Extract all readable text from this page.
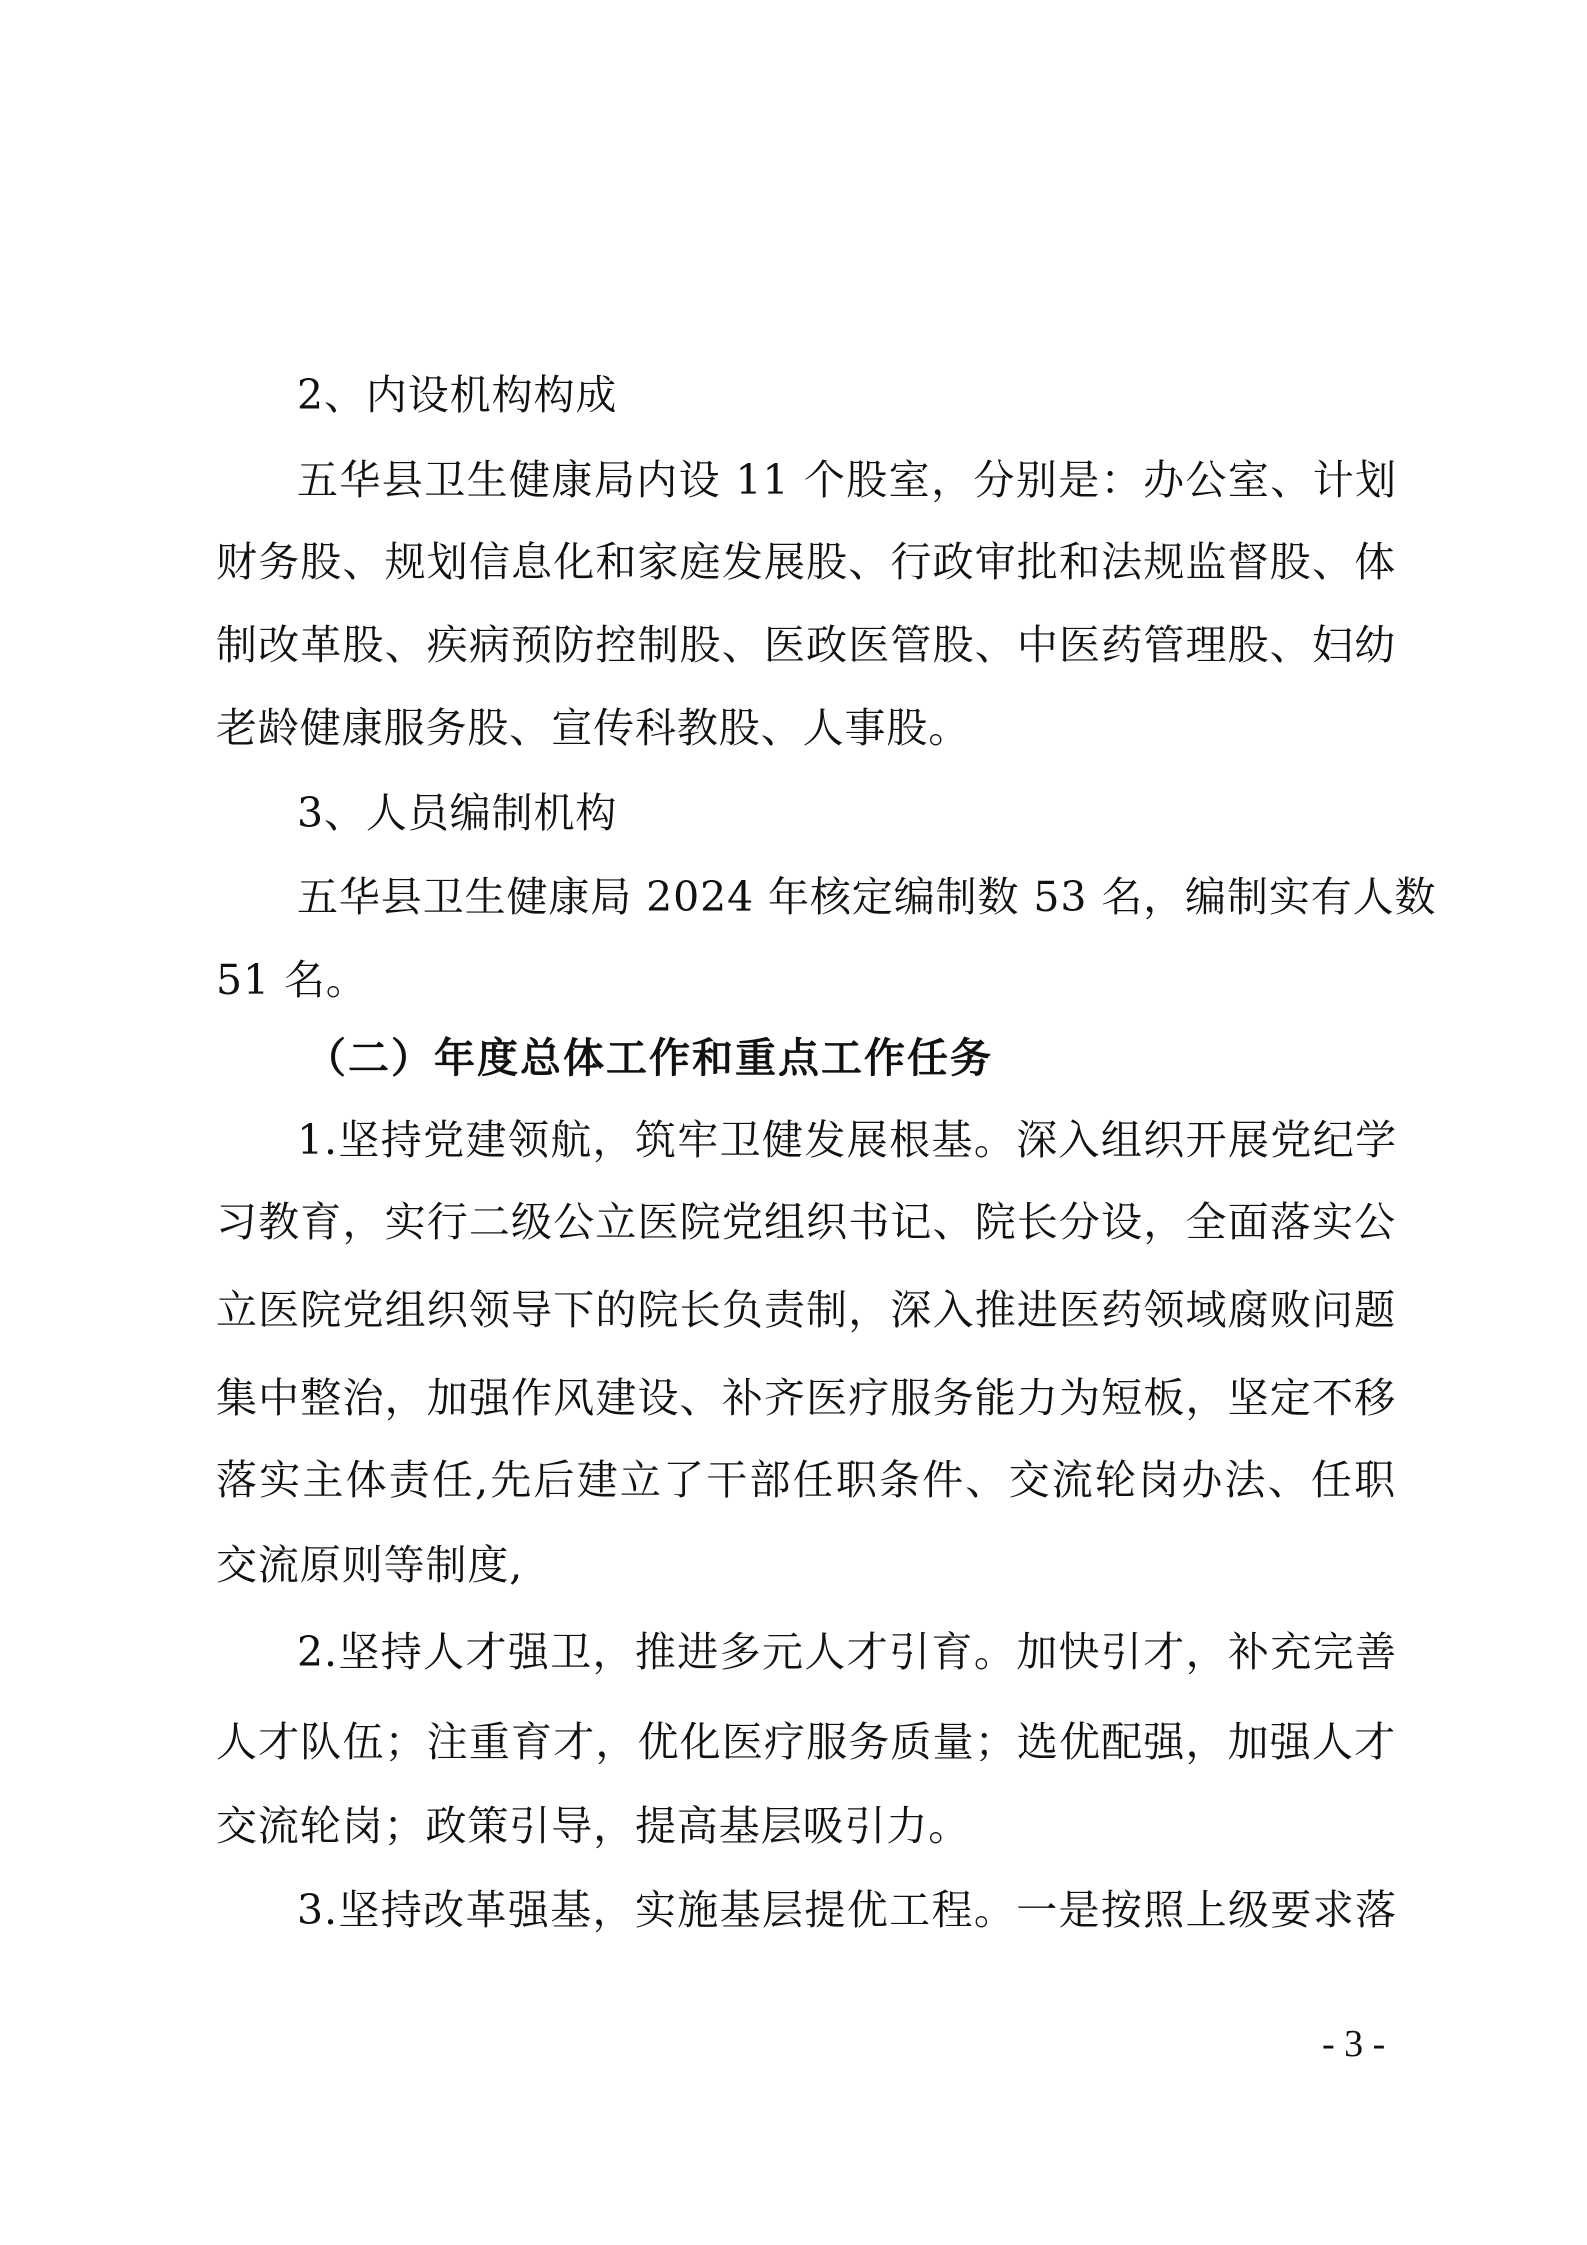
2、内设机构构成
五华县卫生健康局内设 11 个股室，分别是：办公室、计划
财务股、规划信息化和家庭发展股、行政审批和法规监督股、体
制改革股、疾病预防控制股、医政医管股、中医药管理股、妇幼
老龄健康服务股、宣传科教股、人事股。
3、人员编制机构
五华县卫生健康局 2024 年核定编制数 53 名，编制实有人数
51 名。
（二）年度总体工作和重点工作任务
1.坚持党建领航，筑牢卫健发展根基。深入组织开展党纪学
习教育，实行二级公立医院党组织书记、院长分设，全面落实公
立医院党组织领导下的院长负责制，深入推进医药领域腐败问题
集中整治，加强作风建设、补齐医疗服务能力为短板，坚定不移
落实主体责任,先后建立了干部任职条件、交流轮岗办法、任职
交流原则等制度,
2.坚持人才强卫，推进多元人才引育。加快引才，补充完善
人才队伍；注重育才，优化医疗服务质量；选优配强，加强人才
交流轮岗；政策引导，提高基层吸引力。
3.坚持改革强基，实施基层提优工程。一是按照上级要求落
- 3 -
